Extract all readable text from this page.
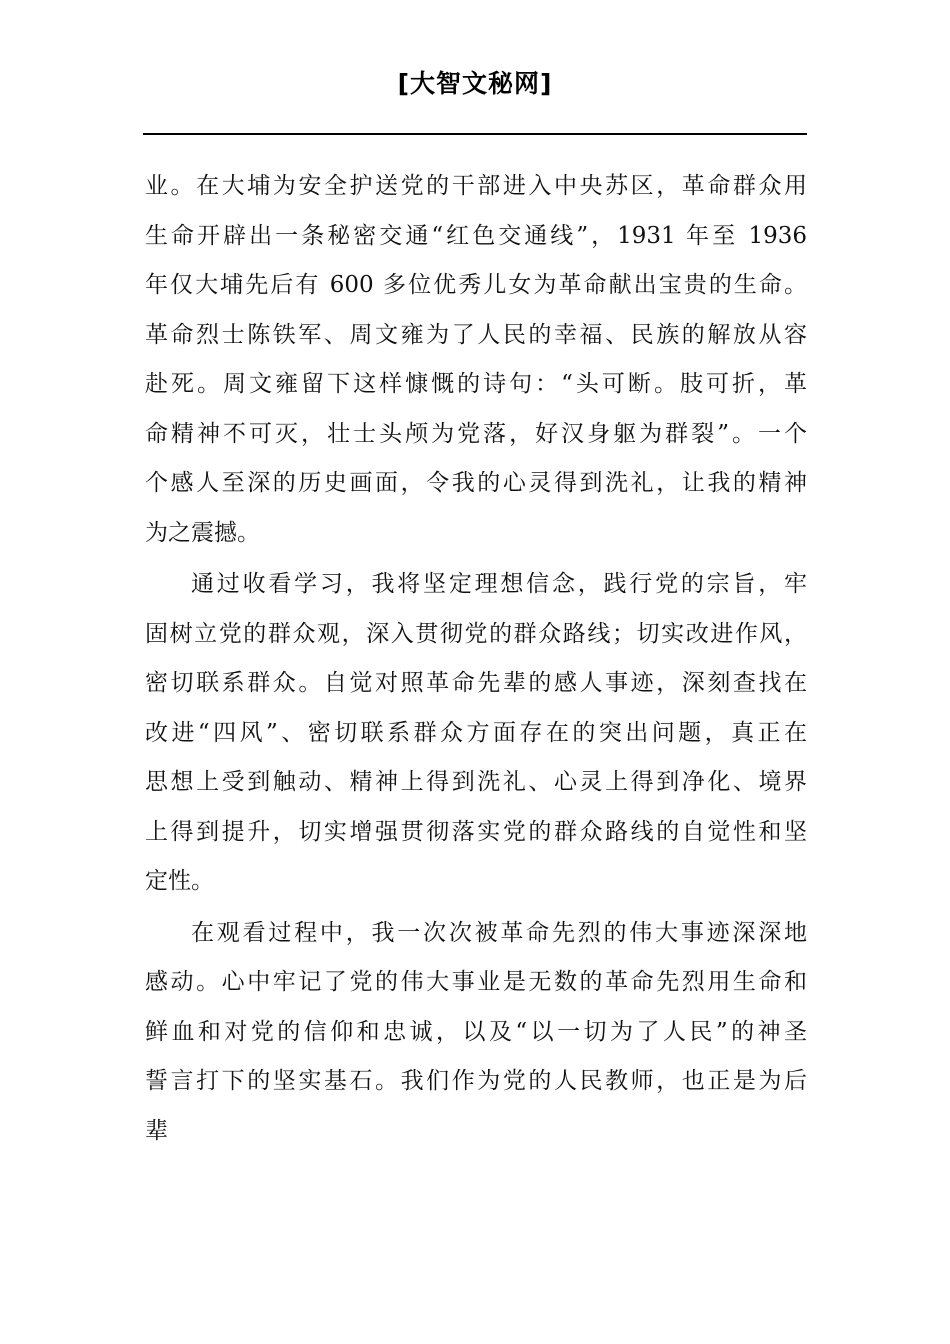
[大智文秘网]
业。在大埔为安全护送党的干部进入中央苏区，革命群众用
生命开辟出一条秘密交通“红色交通线”，1931 年至 1936
年仅大埔先后有 600 多位优秀儿女为革命献出宝贵的生命。
革命烈士陈铁军、周文雍为了人民的幸福、民族的解放从容
赴死。周文雍留下这样慷慨的诗句：“头可断。肢可折，革
命精神不可灭，壮士头颅为党落，好汉身躯为群裂”。一个
个感人至深的历史画面，令我的心灵得到洗礼，让我的精神
为之震撼。
通过收看学习，我将坚定理想信念，践行党的宗旨，牢
固树立党的群众观，深入贯彻党的群众路线；切实改进作风，
密切联系群众。自觉对照革命先辈的感人事迹，深刻查找在
改进“四风”、密切联系群众方面存在的突出问题，真正在
思想上受到触动、精神上得到洗礼、心灵上得到净化、境界
上得到提升，切实增强贯彻落实党的群众路线的自觉性和坚
定性。
在观看过程中，我一次次被革命先烈的伟大事迹深深地
感动。心中牢记了党的伟大事业是无数的革命先烈用生命和
鲜血和对党的信仰和忠诚，以及“以一切为了人民”的神圣
誓言打下的坚实基石。我们作为党的人民教师，也正是为后
辈
